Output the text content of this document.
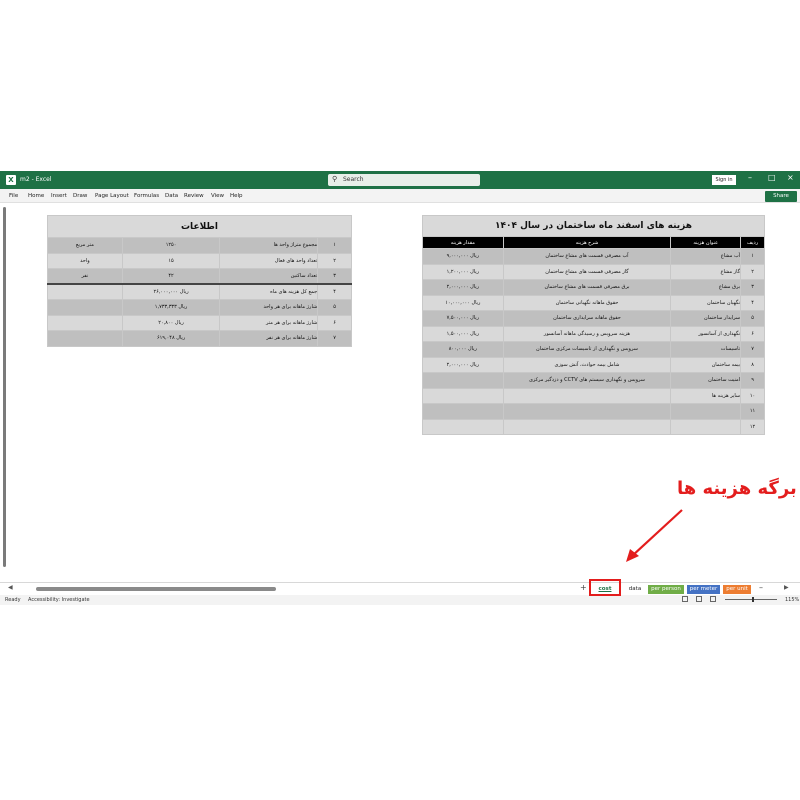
X	m2 - Excel	⚲ Search	Sign in	– □ ×
File Home Insert Draw Page Layout Formulas Data Review View Help	Share
◀	+	cost	data	per person	per meter	per unit	–	▶
Ready Accessibility: Investigate	115%
هزینه های اسفند ماه ساختمان در سال ۱۴۰۴			
ردیف	عنوان هزینه	شرح هزینه	مقدار هزینه
۱	آب مشاع	آب مصرفی قسمت های مشاع ساختمان	ریال ۹,۰۰۰,۰۰۰
۲	گاز مشاع	گاز مصرفی قسمت های مشاع ساختمان	ریال ۱,۲۰۰,۰۰۰
۳	برق مشاع	برق مصرفی قسمت های مشاع ساختمان	ریال ۲,۰۰۰,۰۰۰
۴	نگهبان ساختمان	حقوق ماهانه نگهبانی ساختمان	ریال ۱۰,۰۰۰,۰۰۰
۵	سرایدار ساختمان	حقوق ماهانه سرایداری ساختمان	ریال ۷,۵۰۰,۰۰۰
۶	نگهداری از آسانسور	هزینه سرویس و رسیدگی ماهانه آسانسور	ریال ۱,۵۰۰,۰۰۰
۷	تاسیسات	سرویس و نگهداری از تاسیسات مرکزی ساختمان	ریال ۸۰۰,۰۰۰
۸	بیمه ساختمان	شامل بیمه حوادث، آتش سوزی	ریال ۲,۰۰۰,۰۰۰
۹	امنیت ساختمان	سرویس و نگهداری سیستم های CCTV و دزدگیر مرکزی	
۱۰	سایر هزینه ها		
۱۱			
۱۲			
اطلاعات			
۱	مجموع متراژ واحد ها	۱۲۵۰	متر مربع
۲	تعداد واحد های فعال	۱۵	واحد
۳	تعداد ساکنین	۴۲	نفر
۴	جمع کل هزینه های ماه	ریال ۲۶,۰۰۰,۰۰۰	
۵	شارژ ماهانه برای هر واحد	ریال ۱,۷۳۳,۳۳۳	
۶	شارژ ماهانه برای هر متر	ریال ۲۰,۸۰۰	
۷	شارژ ماهانه برای هر نفر	ریال ۶۱۹,۰۴۸	
برگه هزینه ها
